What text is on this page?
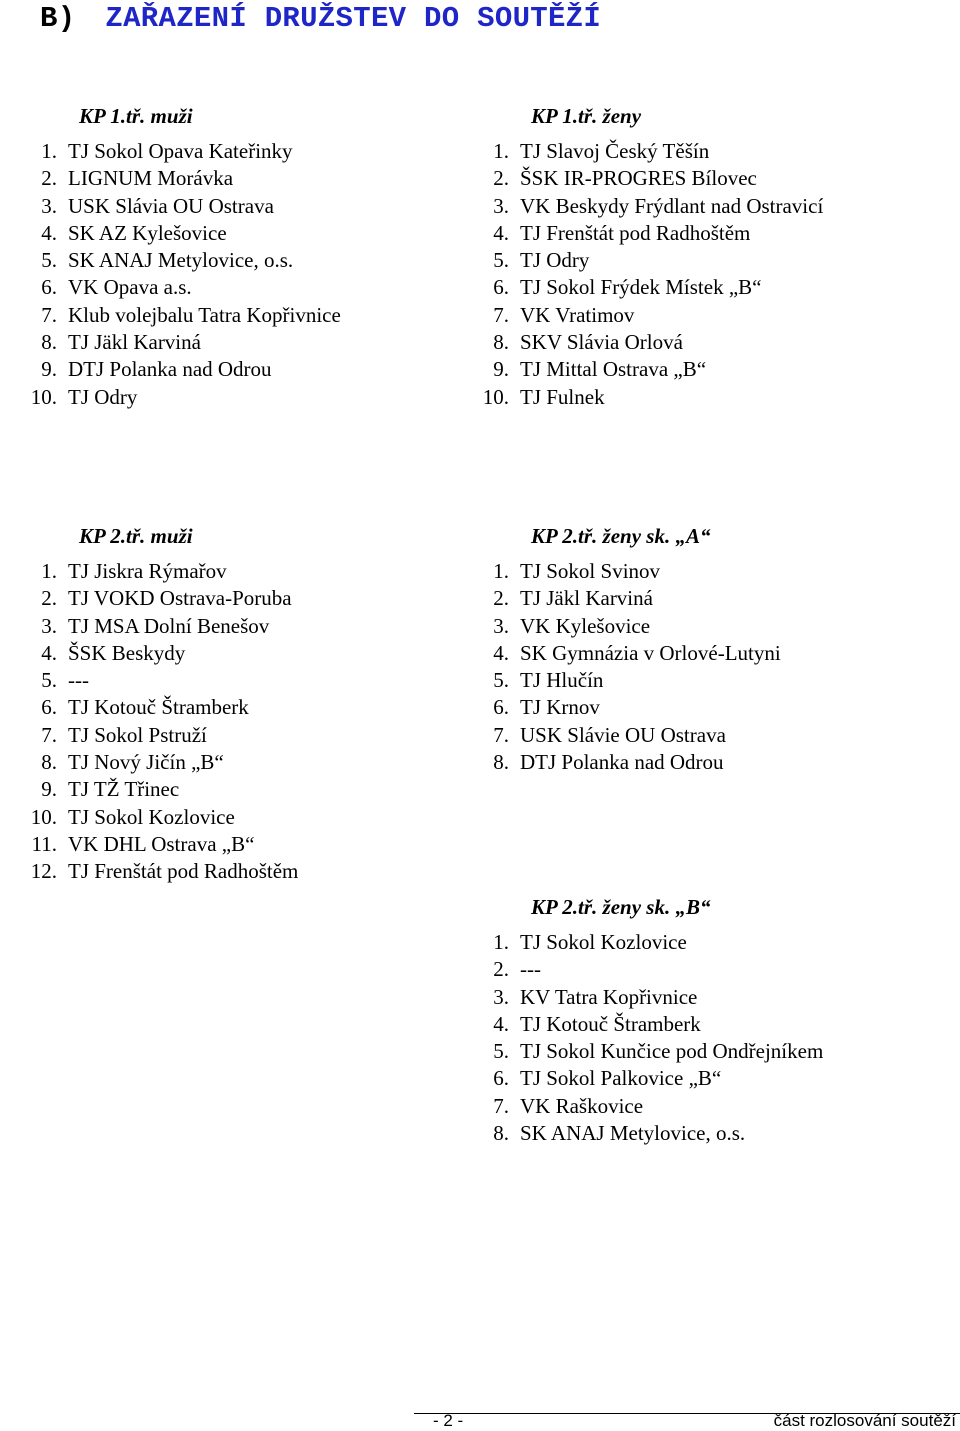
B) ZAŘAZENÍ DRUŽSTEV DO SOUTĚŽÍ
KP 1.tř. muži
1. TJ Sokol Opava Kateřinky
2. LIGNUM Morávka
3. USK Slávia OU Ostrava
4. SK AZ Kylešovice
5. SK ANAJ Metylovice, o.s.
6. VK Opava a.s.
7. Klub volejbalu Tatra Kopřivnice
8. TJ Jäkl Karviná
9. DTJ Polanka nad Odrou
10. TJ Odry
KP 1.tř. ženy
1. TJ Slavoj Český Těšín
2. ŠSK IR-PROGRES Bílovec
3. VK Beskydy Frýdlant nad Ostravicí
4. TJ Frenštát pod Radhoštěm
5. TJ Odry
6. TJ Sokol Frýdek Místek „B“
7. VK Vratimov
8. SKV Slávia Orlová
9. TJ Mittal Ostrava „B“
10. TJ Fulnek
KP 2.tř. muži
1. TJ Jiskra Rýmařov
2. TJ VOKD Ostrava-Poruba
3. TJ MSA Dolní Benešov
4. ŠSK Beskydy
5. ---
6. TJ Kotouč Štramberk
7. TJ Sokol Pstruží
8. TJ Nový Jičín „B“
9. TJ TŽ Třinec
10. TJ Sokol Kozlovice
11. VK DHL Ostrava „B“
12. TJ Frenštát pod Radhoštěm
KP 2.tř. ženy sk. „A“
1. TJ Sokol Svinov
2. TJ Jäkl Karviná
3. VK Kylešovice
4. SK Gymnázia v Orlové-Lutyni
5. TJ Hlučín
6. TJ Krnov
7. USK Slávie OU Ostrava
8. DTJ Polanka nad Odrou
KP 2.tř. ženy sk. „B“
1. TJ Sokol Kozlovice
2. ---
3. KV Tatra Kopřivnice
4. TJ Kotouč Štramberk
5. TJ Sokol Kunčice pod Ondřejníkem
6. TJ Sokol Palkovice „B“
7. VK Raškovice
8. SK ANAJ Metylovice, o.s.
- 2 -	část rozlosování soutěží
